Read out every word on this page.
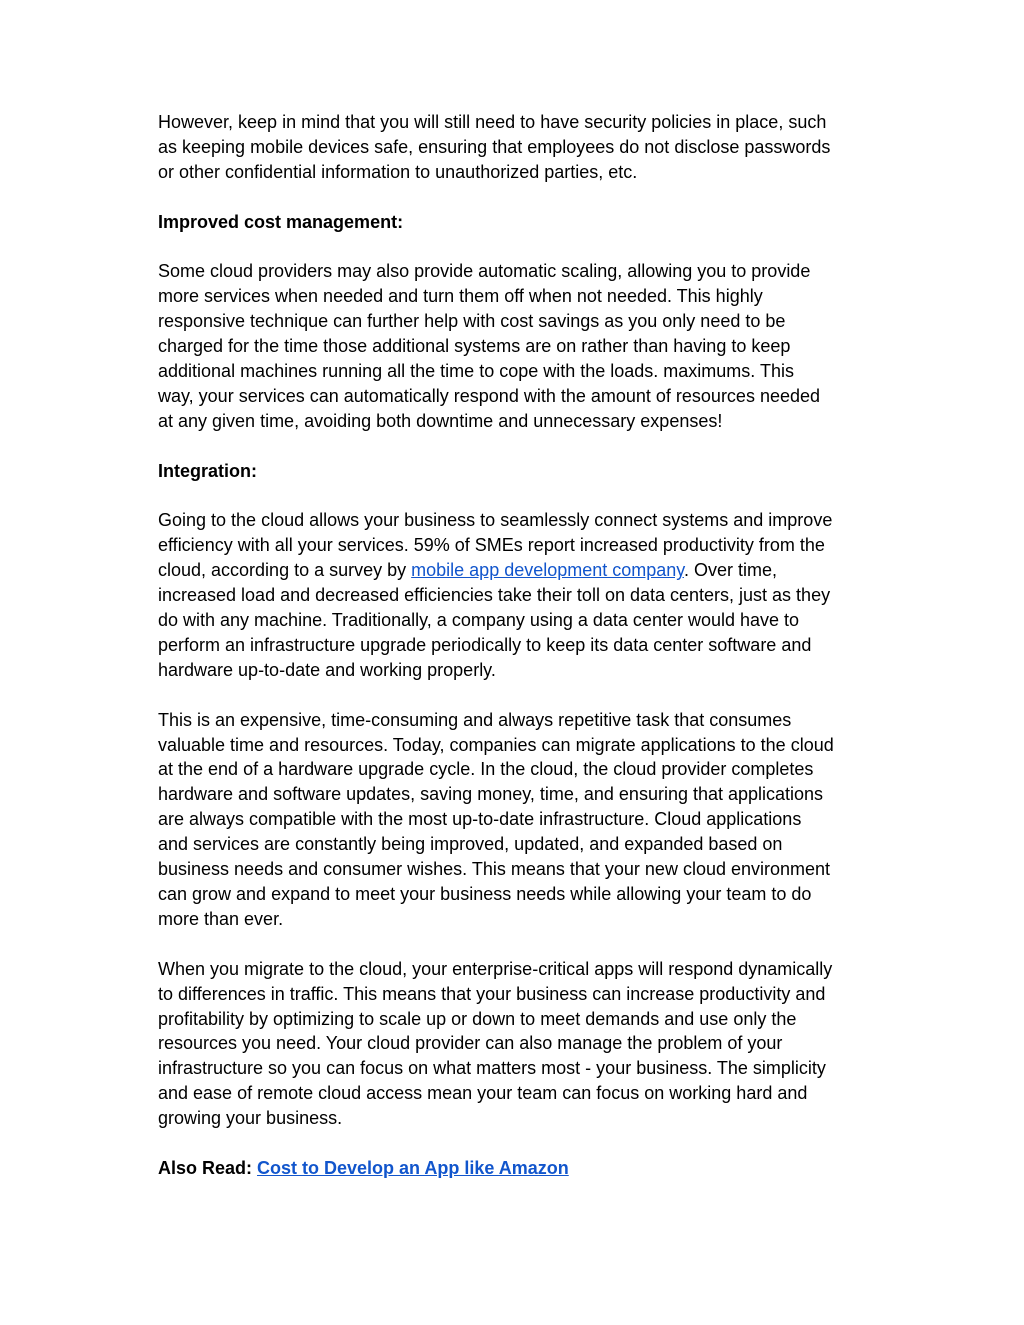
However, keep in mind that you will still need to have security policies in place, such
as keeping mobile devices safe, ensuring that employees do not disclose passwords
or other confidential information to unauthorized parties, etc.

Improved cost management:

Some cloud providers may also provide automatic scaling, allowing you to provide
more services when needed and turn them off when not needed. This highly
responsive technique can further help with cost savings as you only need to be
charged for the time those additional systems are on rather than having to keep
additional machines running all the time to cope with the loads. maximums. This
way, your services can automatically respond with the amount of resources needed
at any given time, avoiding both downtime and unnecessary expenses!

Integration:

Going to the cloud allows your business to seamlessly connect systems and improve
efficiency with all your services. 59% of SMEs report increased productivity from the
cloud, according to a survey by mobile app development company. Over time,
increased load and decreased efficiencies take their toll on data centers, just as they
do with any machine. Traditionally, a company using a data center would have to
perform an infrastructure upgrade periodically to keep its data center software and
hardware up-to-date and working properly.

This is an expensive, time-consuming and always repetitive task that consumes
valuable time and resources. Today, companies can migrate applications to the cloud
at the end of a hardware upgrade cycle. In the cloud, the cloud provider completes
hardware and software updates, saving money, time, and ensuring that applications
are always compatible with the most up-to-date infrastructure. Cloud applications
and services are constantly being improved, updated, and expanded based on
business needs and consumer wishes. This means that your new cloud environment
can grow and expand to meet your business needs while allowing your team to do
more than ever.

When you migrate to the cloud, your enterprise-critical apps will respond dynamically
to differences in traffic. This means that your business can increase productivity and
profitability by optimizing to scale up or down to meet demands and use only the
resources you need. Your cloud provider can also manage the problem of your
infrastructure so you can focus on what matters most - your business. The simplicity
and ease of remote cloud access mean your team can focus on working hard and
growing your business.

Also Read: Cost to Develop an App like Amazon
